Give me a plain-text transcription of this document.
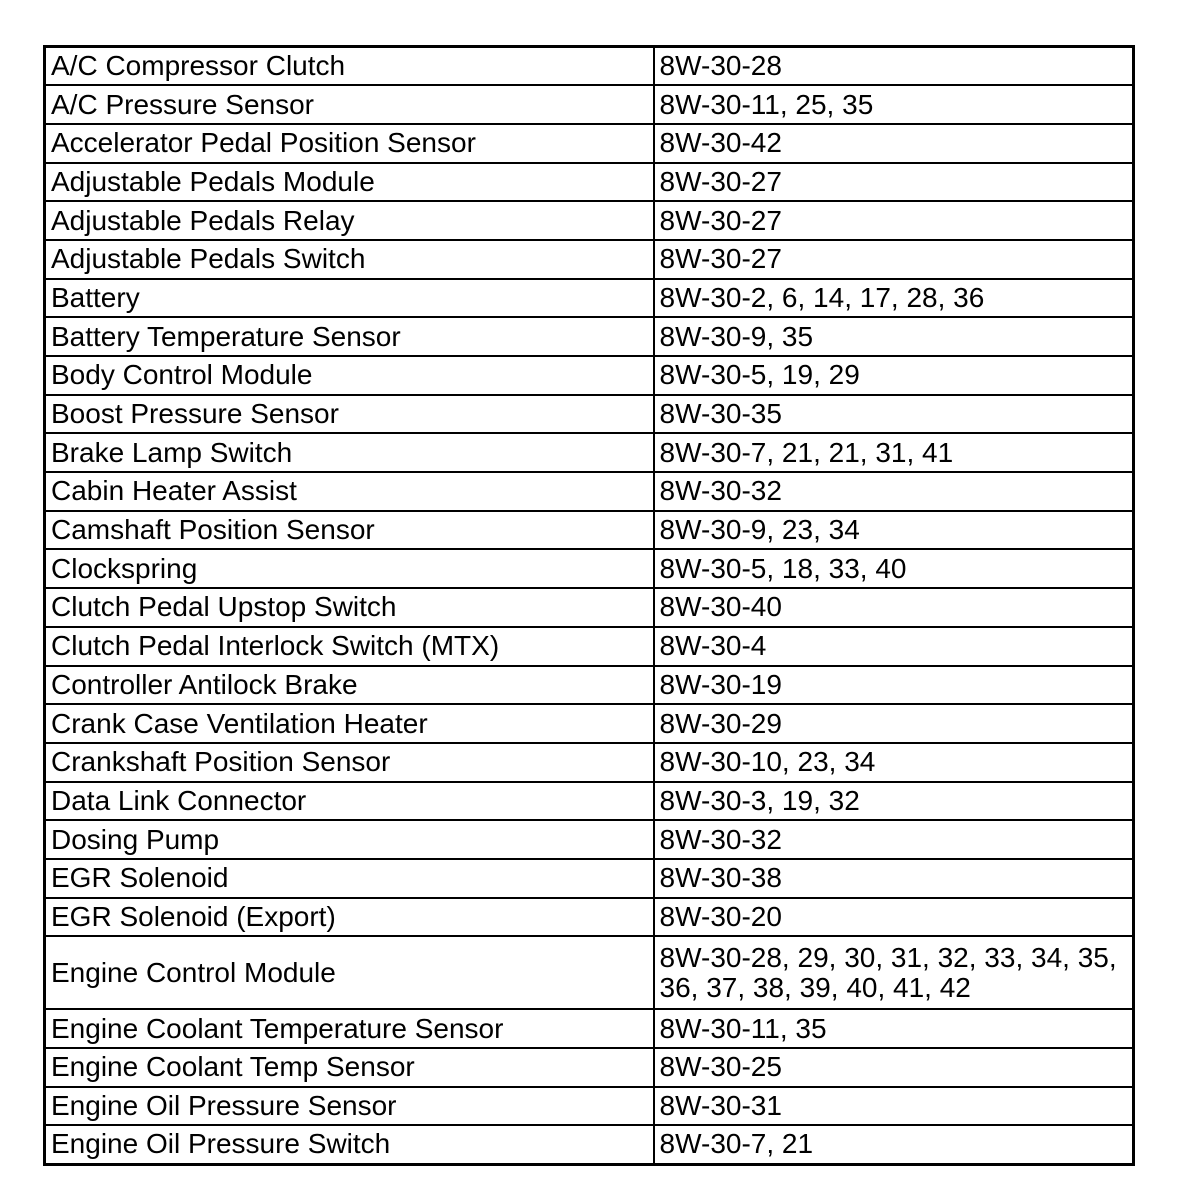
A/C Compressor Clutch	8W-30-28
A/C Pressure Sensor	8W-30-11, 25, 35
Accelerator Pedal Position Sensor	8W-30-42
Adjustable Pedals Module	8W-30-27
Adjustable Pedals Relay	8W-30-27
Adjustable Pedals Switch	8W-30-27
Battery	8W-30-2, 6, 14, 17, 28, 36
Battery Temperature Sensor	8W-30-9, 35
Body Control Module	8W-30-5, 19, 29
Boost Pressure Sensor	8W-30-35
Brake Lamp Switch	8W-30-7, 21, 21, 31, 41
Cabin Heater Assist	8W-30-32
Camshaft Position Sensor	8W-30-9, 23, 34
Clockspring	8W-30-5, 18, 33, 40
Clutch Pedal Upstop Switch	8W-30-40
Clutch Pedal Interlock Switch (MTX)	8W-30-4
Controller Antilock Brake	8W-30-19
Crank Case Ventilation Heater	8W-30-29
Crankshaft Position Sensor	8W-30-10, 23, 34
Data Link Connector	8W-30-3, 19, 32
Dosing Pump	8W-30-32
EGR Solenoid	8W-30-38
EGR Solenoid (Export)	8W-30-20
Engine Control Module	8W-30-28, 29, 30, 31, 32, 33, 34, 35, 36, 37, 38, 39, 40, 41, 42
Engine Coolant Temperature Sensor	8W-30-11, 35
Engine Coolant Temp Sensor	8W-30-25
Engine Oil Pressure Sensor	8W-30-31
Engine Oil Pressure Switch	8W-30-7, 21
